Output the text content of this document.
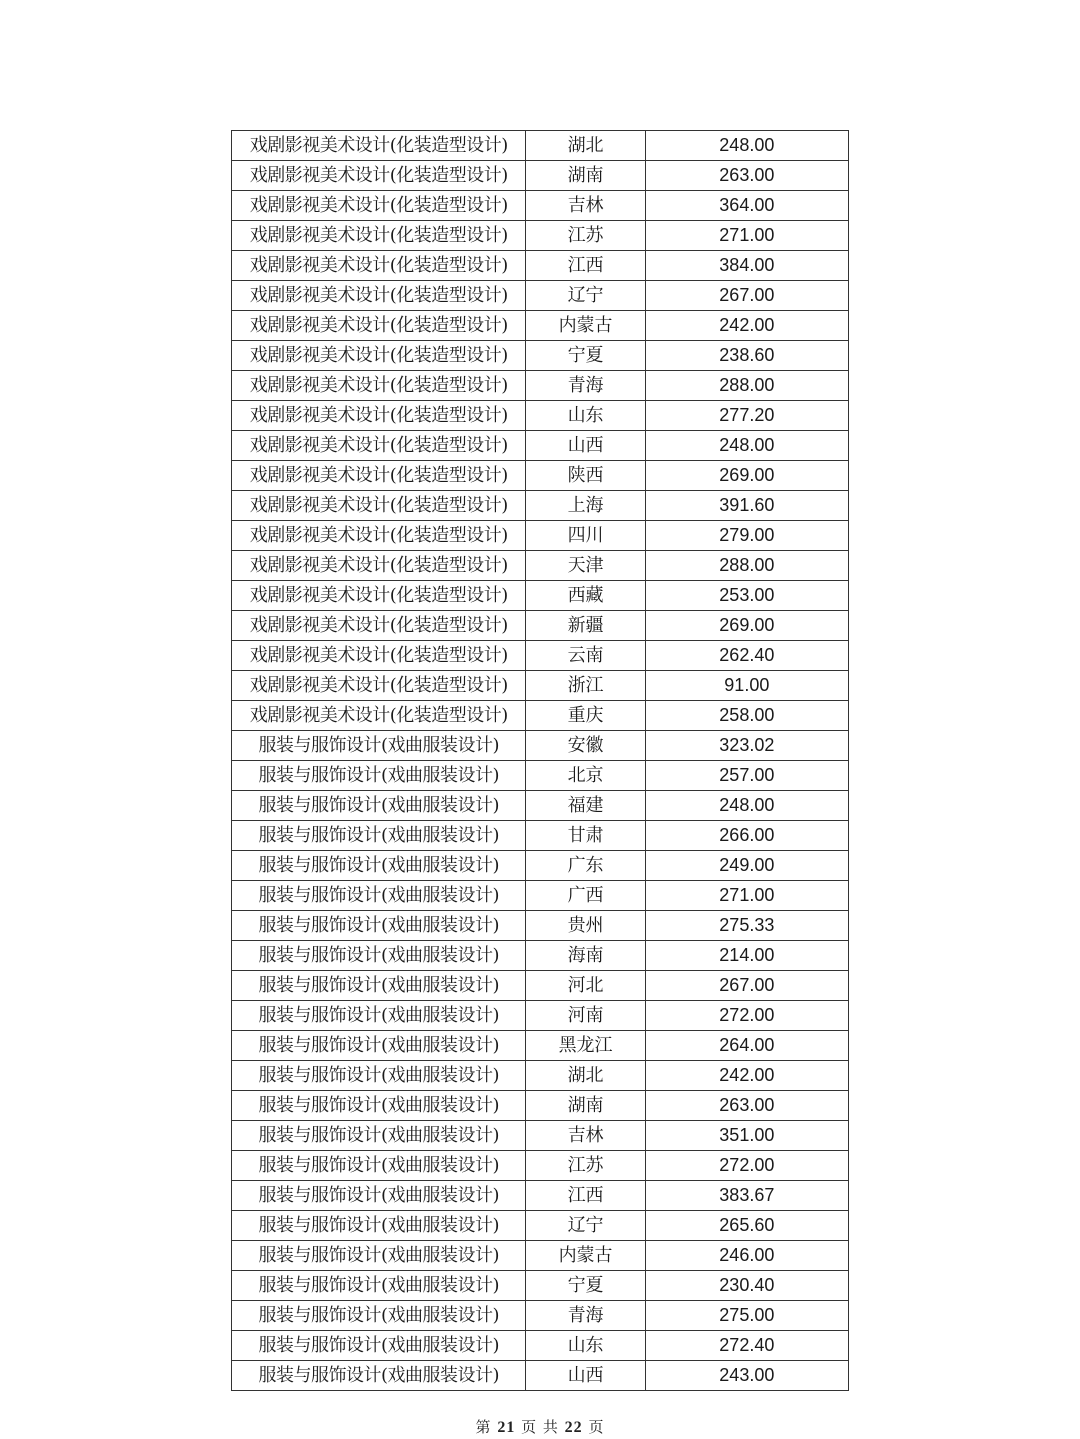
戏剧影视美术设计(化装造型设计)	湖北	248.00
戏剧影视美术设计(化装造型设计)	湖南	263.00
戏剧影视美术设计(化装造型设计)	吉林	364.00
戏剧影视美术设计(化装造型设计)	江苏	271.00
戏剧影视美术设计(化装造型设计)	江西	384.00
戏剧影视美术设计(化装造型设计)	辽宁	267.00
戏剧影视美术设计(化装造型设计)	内蒙古	242.00
戏剧影视美术设计(化装造型设计)	宁夏	238.60
戏剧影视美术设计(化装造型设计)	青海	288.00
戏剧影视美术设计(化装造型设计)	山东	277.20
戏剧影视美术设计(化装造型设计)	山西	248.00
戏剧影视美术设计(化装造型设计)	陕西	269.00
戏剧影视美术设计(化装造型设计)	上海	391.60
戏剧影视美术设计(化装造型设计)	四川	279.00
戏剧影视美术设计(化装造型设计)	天津	288.00
戏剧影视美术设计(化装造型设计)	西藏	253.00
戏剧影视美术设计(化装造型设计)	新疆	269.00
戏剧影视美术设计(化装造型设计)	云南	262.40
戏剧影视美术设计(化装造型设计)	浙江	91.00
戏剧影视美术设计(化装造型设计)	重庆	258.00
服装与服饰设计(戏曲服装设计)	安徽	323.02
服装与服饰设计(戏曲服装设计)	北京	257.00
服装与服饰设计(戏曲服装设计)	福建	248.00
服装与服饰设计(戏曲服装设计)	甘肃	266.00
服装与服饰设计(戏曲服装设计)	广东	249.00
服装与服饰设计(戏曲服装设计)	广西	271.00
服装与服饰设计(戏曲服装设计)	贵州	275.33
服装与服饰设计(戏曲服装设计)	海南	214.00
服装与服饰设计(戏曲服装设计)	河北	267.00
服装与服饰设计(戏曲服装设计)	河南	272.00
服装与服饰设计(戏曲服装设计)	黑龙江	264.00
服装与服饰设计(戏曲服装设计)	湖北	242.00
服装与服饰设计(戏曲服装设计)	湖南	263.00
服装与服饰设计(戏曲服装设计)	吉林	351.00
服装与服饰设计(戏曲服装设计)	江苏	272.00
服装与服饰设计(戏曲服装设计)	江西	383.67
服装与服饰设计(戏曲服装设计)	辽宁	265.60
服装与服饰设计(戏曲服装设计)	内蒙古	246.00
服装与服饰设计(戏曲服装设计)	宁夏	230.40
服装与服饰设计(戏曲服装设计)	青海	275.00
服装与服饰设计(戏曲服装设计)	山东	272.40
服装与服饰设计(戏曲服装设计)	山西	243.00
第 21 页 共 22 页
